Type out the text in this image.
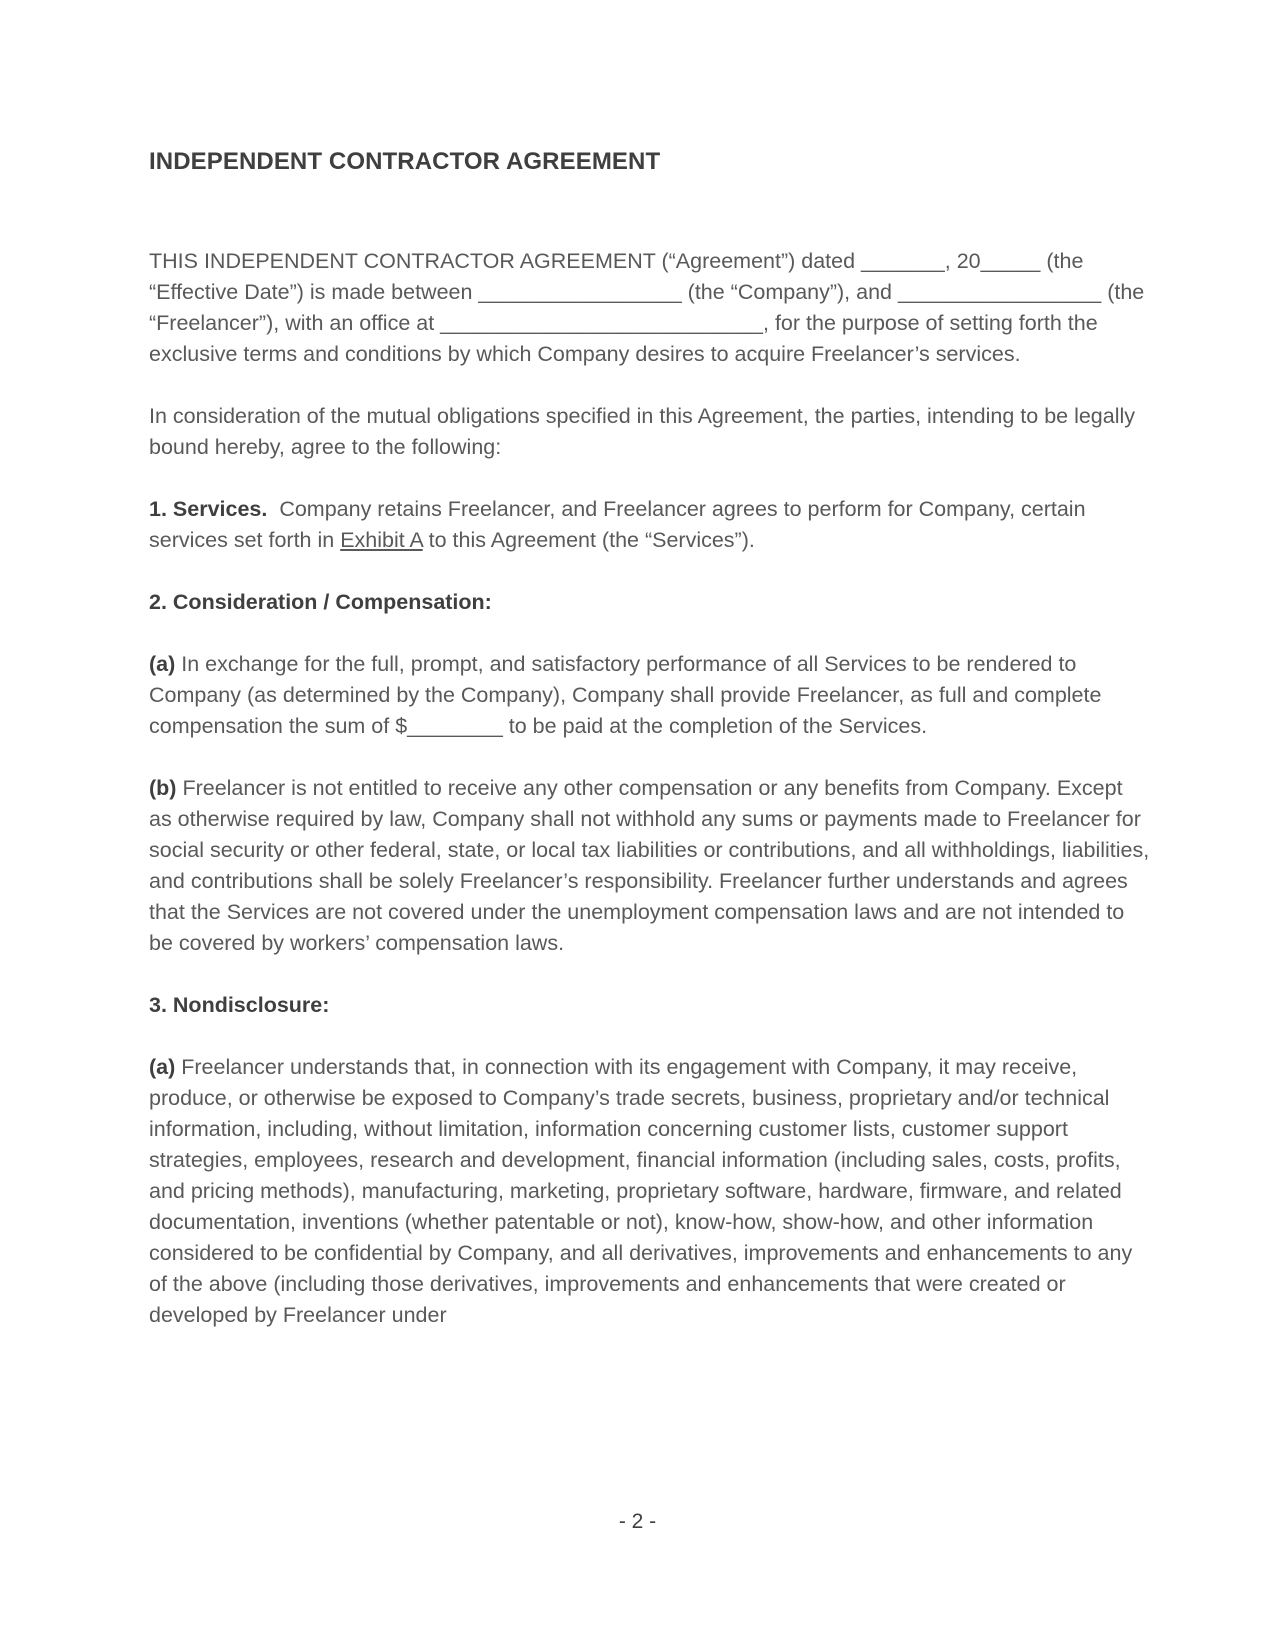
INDEPENDENT CONTRACTOR AGREEMENT

THIS INDEPENDENT CONTRACTOR AGREEMENT (“Agreement”) dated _______, 20_____ (the “Effective Date”) is made between _________________ (the “Company”), and _________________ (the “Freelancer”), with an office at ___________________________, for the purpose of setting forth the exclusive terms and conditions by which Company desires to acquire Freelancer’s services.

In consideration of the mutual obligations specified in this Agreement, the parties, intending to be legally bound hereby, agree to the following:

1. Services. Company retains Freelancer, and Freelancer agrees to perform for Company, certain services set forth in Exhibit A to this Agreement (the “Services”).

2. Consideration / Compensation:

(a) In exchange for the full, prompt, and satisfactory performance of all Services to be rendered to Company (as determined by the Company), Company shall provide Freelancer, as full and complete compensation the sum of $________ to be paid at the completion of the Services.

(b) Freelancer is not entitled to receive any other compensation or any benefits from Company. Except as otherwise required by law, Company shall not withhold any sums or payments made to Freelancer for social security or other federal, state, or local tax liabilities or contributions, and all withholdings, liabilities, and contributions shall be solely Freelancer’s responsibility. Freelancer further understands and agrees that the Services are not covered under the unemployment compensation laws and are not intended to be covered by workers’ compensation laws.

3. Nondisclosure:

(a) Freelancer understands that, in connection with its engagement with Company, it may receive, produce, or otherwise be exposed to Company’s trade secrets, business, proprietary and/or technical information, including, without limitation, information concerning customer lists, customer support strategies, employees, research and development, financial information (including sales, costs, profits, and pricing methods), manufacturing, marketing, proprietary software, hardware, firmware, and related documentation, inventions (whether patentable or not), know-how, show-how, and other information considered to be confidential by Company, and all derivatives, improvements and enhancements to any of the above (including those derivatives, improvements and enhancements that were created or developed by Freelancer under

- 2 -
